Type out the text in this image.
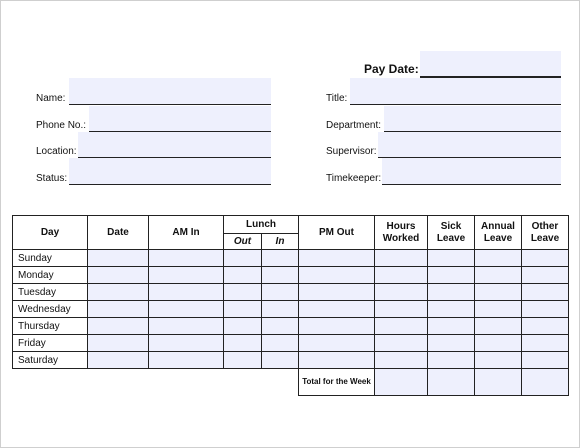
Pay Date:
Name:
Phone No.:
Location:
Status:
Title:
Department:
Supervisor:
Timekeeper:
Day	Date	AM In	Lunch		PM Out	Hours Worked	Sick Leave	Annual Leave	Other Leave
			Out	In					
Sunday									
Monday									
Tuesday									
Wednesday									
Thursday									
Friday									
Saturday									
					Total for the Week				
